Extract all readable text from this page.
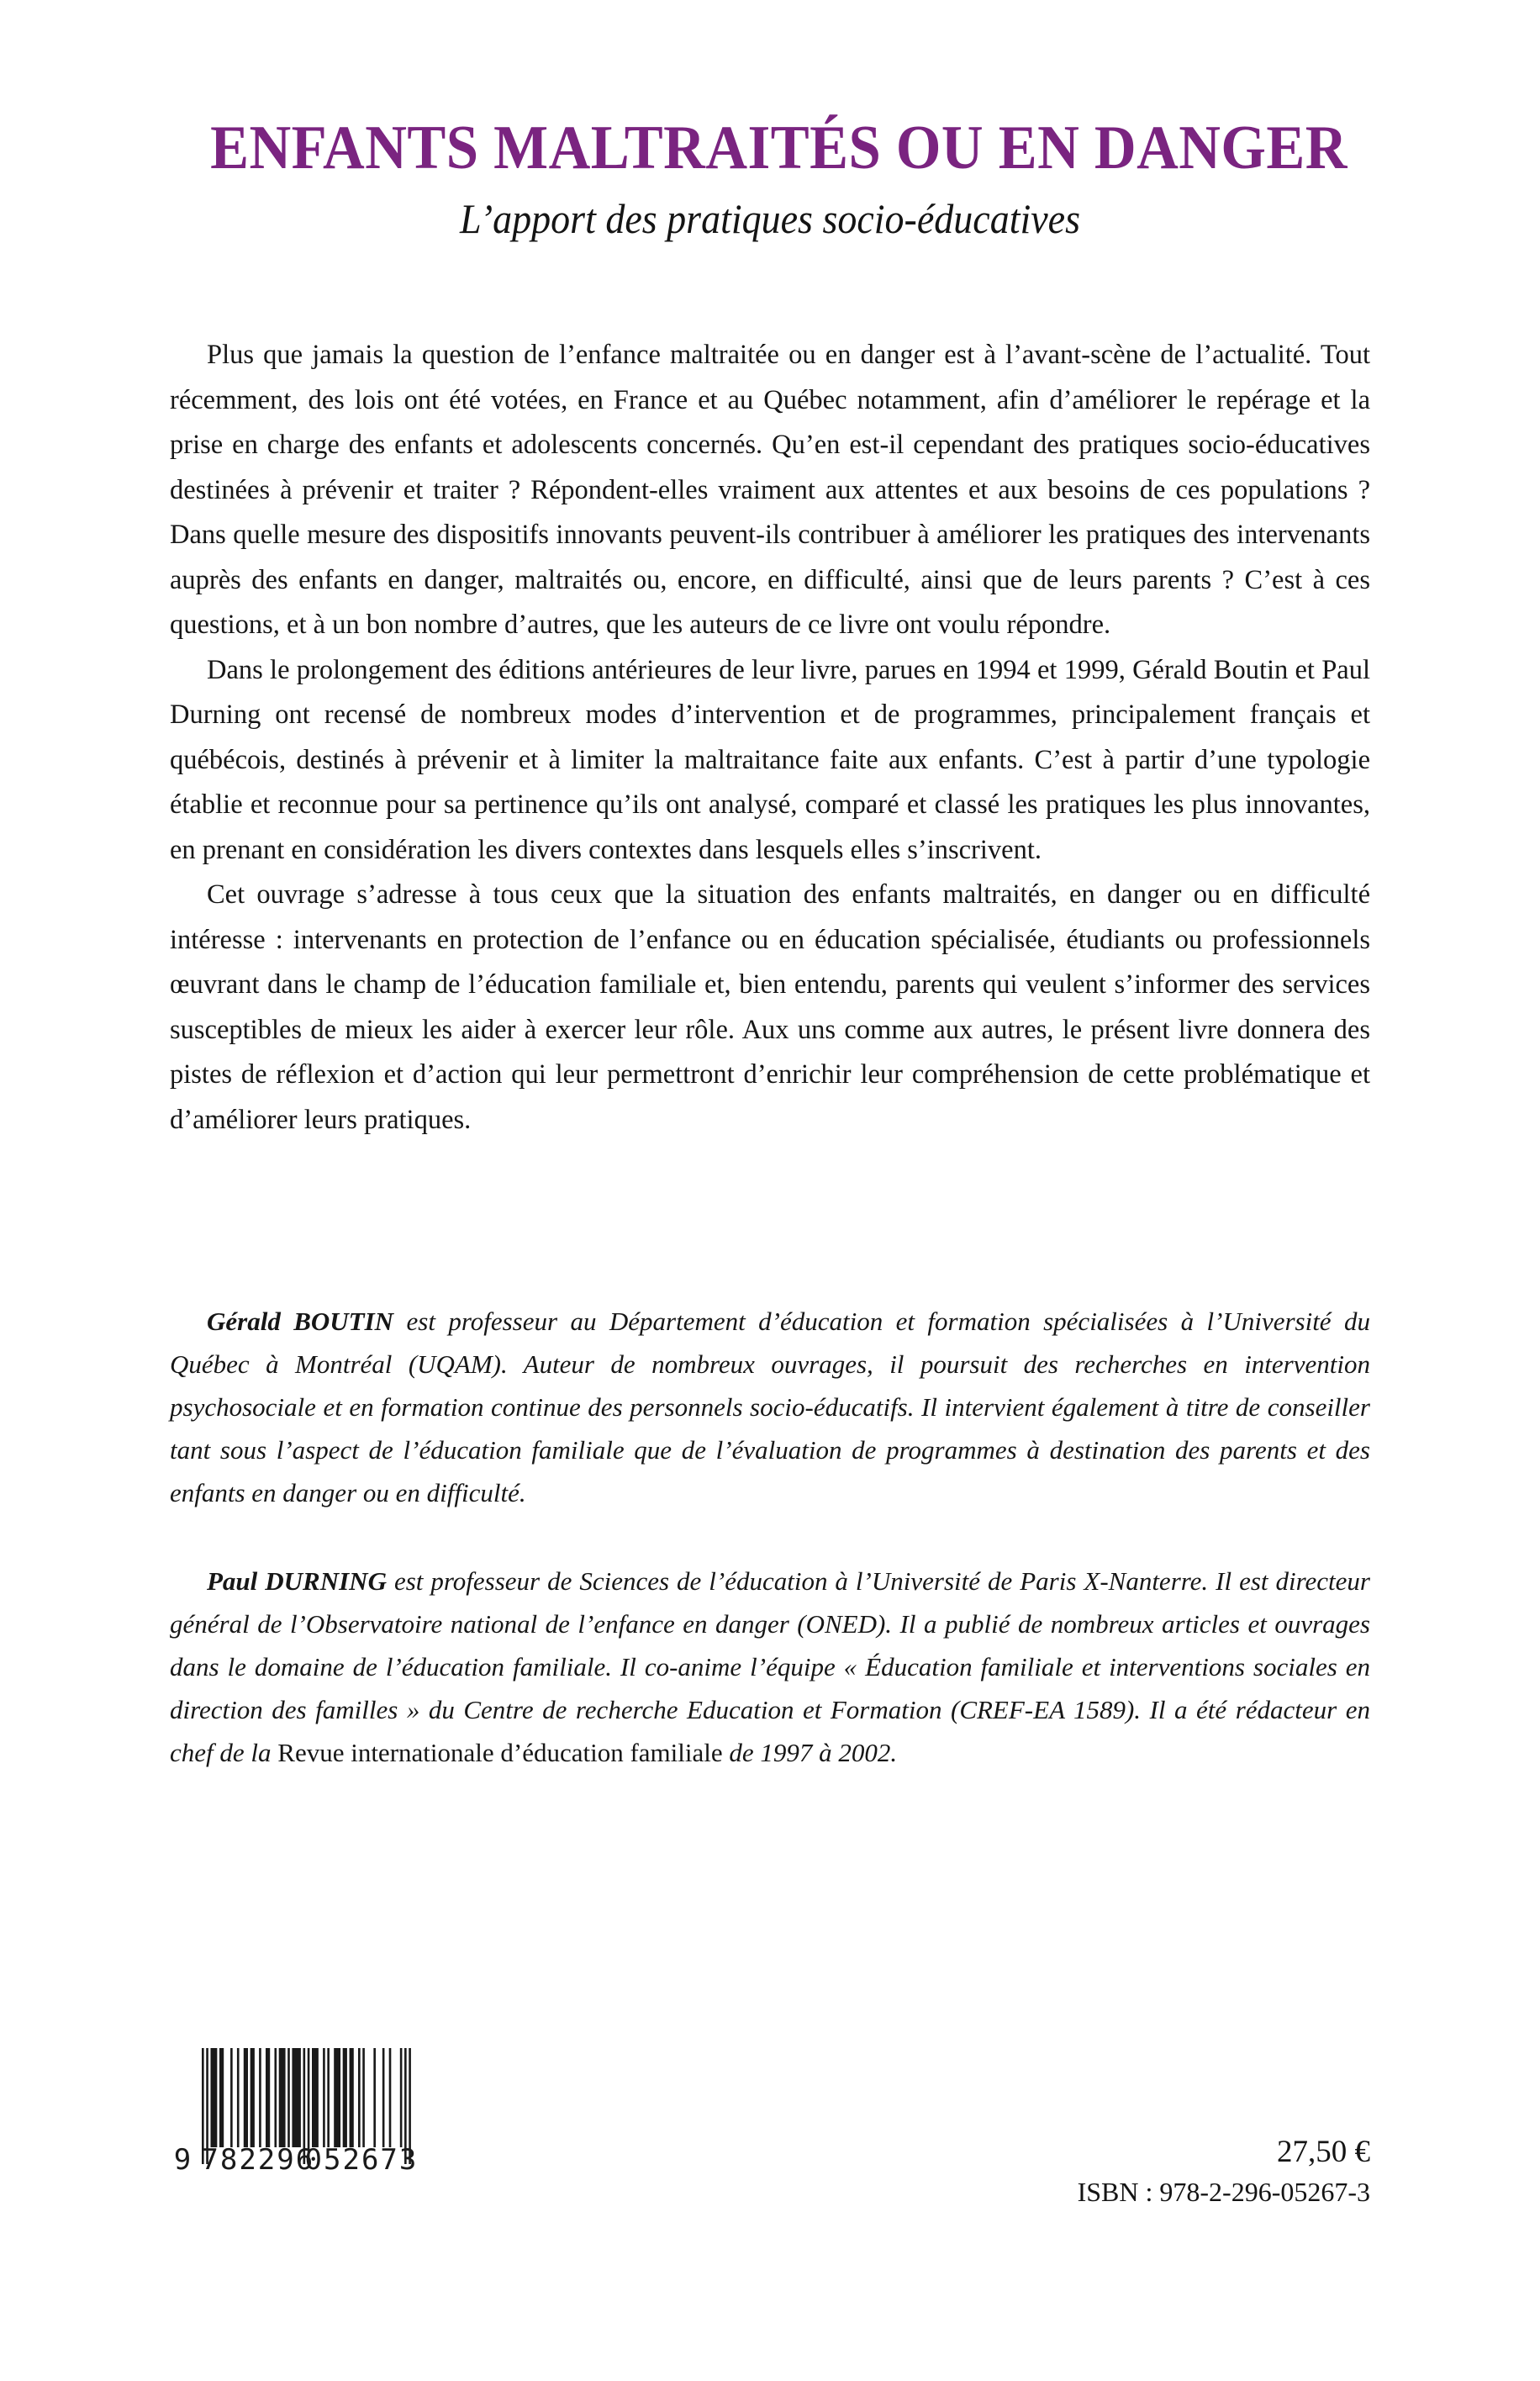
ENFANTS MALTRAITÉS OU EN DANGER
L’apport des pratiques socio-éducatives

Plus que jamais la question de l’enfance maltraitée ou en danger est à l’avant-scène de l’actualité. Tout récemment, des lois ont été votées, en France et au Québec notamment, afin d’améliorer le repérage et la prise en charge des enfants et adolescents concernés. Qu’en est-il cependant des pratiques socio-éducatives destinées à prévenir et traiter ? Répondent-elles vraiment aux attentes et aux besoins de ces populations ? Dans quelle mesure des dispositifs innovants peuvent-ils contribuer à améliorer les pratiques des intervenants auprès des enfants en danger, maltraités ou, encore, en difficulté, ainsi que de leurs parents ? C’est à ces questions, et à un bon nombre d’autres, que les auteurs de ce livre ont voulu répondre.

Dans le prolongement des éditions antérieures de leur livre, parues en 1994 et 1999, Gérald Boutin et Paul Durning ont recensé de nombreux modes d’intervention et de programmes, principalement français et québécois, destinés à prévenir et à limiter la maltraitance faite aux enfants. C’est à partir d’une typologie établie et reconnue pour sa pertinence qu’ils ont analysé, comparé et classé les pratiques les plus innovantes, en prenant en considération les divers contextes dans lesquels elles s’inscrivent.

Cet ouvrage s’adresse à tous ceux que la situation des enfants maltraités, en danger ou en difficulté intéresse : intervenants en protection de l’enfance ou en éducation spécialisée, étudiants ou professionnels œuvrant dans le champ de l’éducation familiale et, bien entendu, parents qui veulent s’informer des services susceptibles de mieux les aider à exercer leur rôle. Aux uns comme aux autres, le présent livre donnera des pistes de réflexion et d’action qui leur permettront d’enrichir leur compréhension de cette problématique et d’améliorer leurs pratiques.

Gérald BOUTIN est professeur au Département d’éducation et formation spécialisées à l’Université du Québec à Montréal (UQAM). Auteur de nombreux ouvrages, il poursuit des recherches en intervention psychosociale et en formation continue des personnels socio-éducatifs. Il intervient également à titre de conseiller tant sous l’aspect de l’éducation familiale que de l’évaluation de programmes à destination des parents et des enfants en danger ou en difficulté.

Paul DURNING est professeur de Sciences de l’éducation à l’Université de Paris X-Nanterre. Il est directeur général de l’Observatoire national de l’enfance en danger (ONED). Il a publié de nombreux articles et ouvrages dans le domaine de l’éducation familiale. Il co-anime l’équipe « Éducation familiale et interventions sociales en direction des familles » du Centre de recherche Education et Formation (CREF-EA 1589). Il a été rédacteur en chef de la Revue internationale d’éducation familiale de 1997 à 2002.

9 782296
052673	27,50 €
ISBN : 978-2-296-05267-3
